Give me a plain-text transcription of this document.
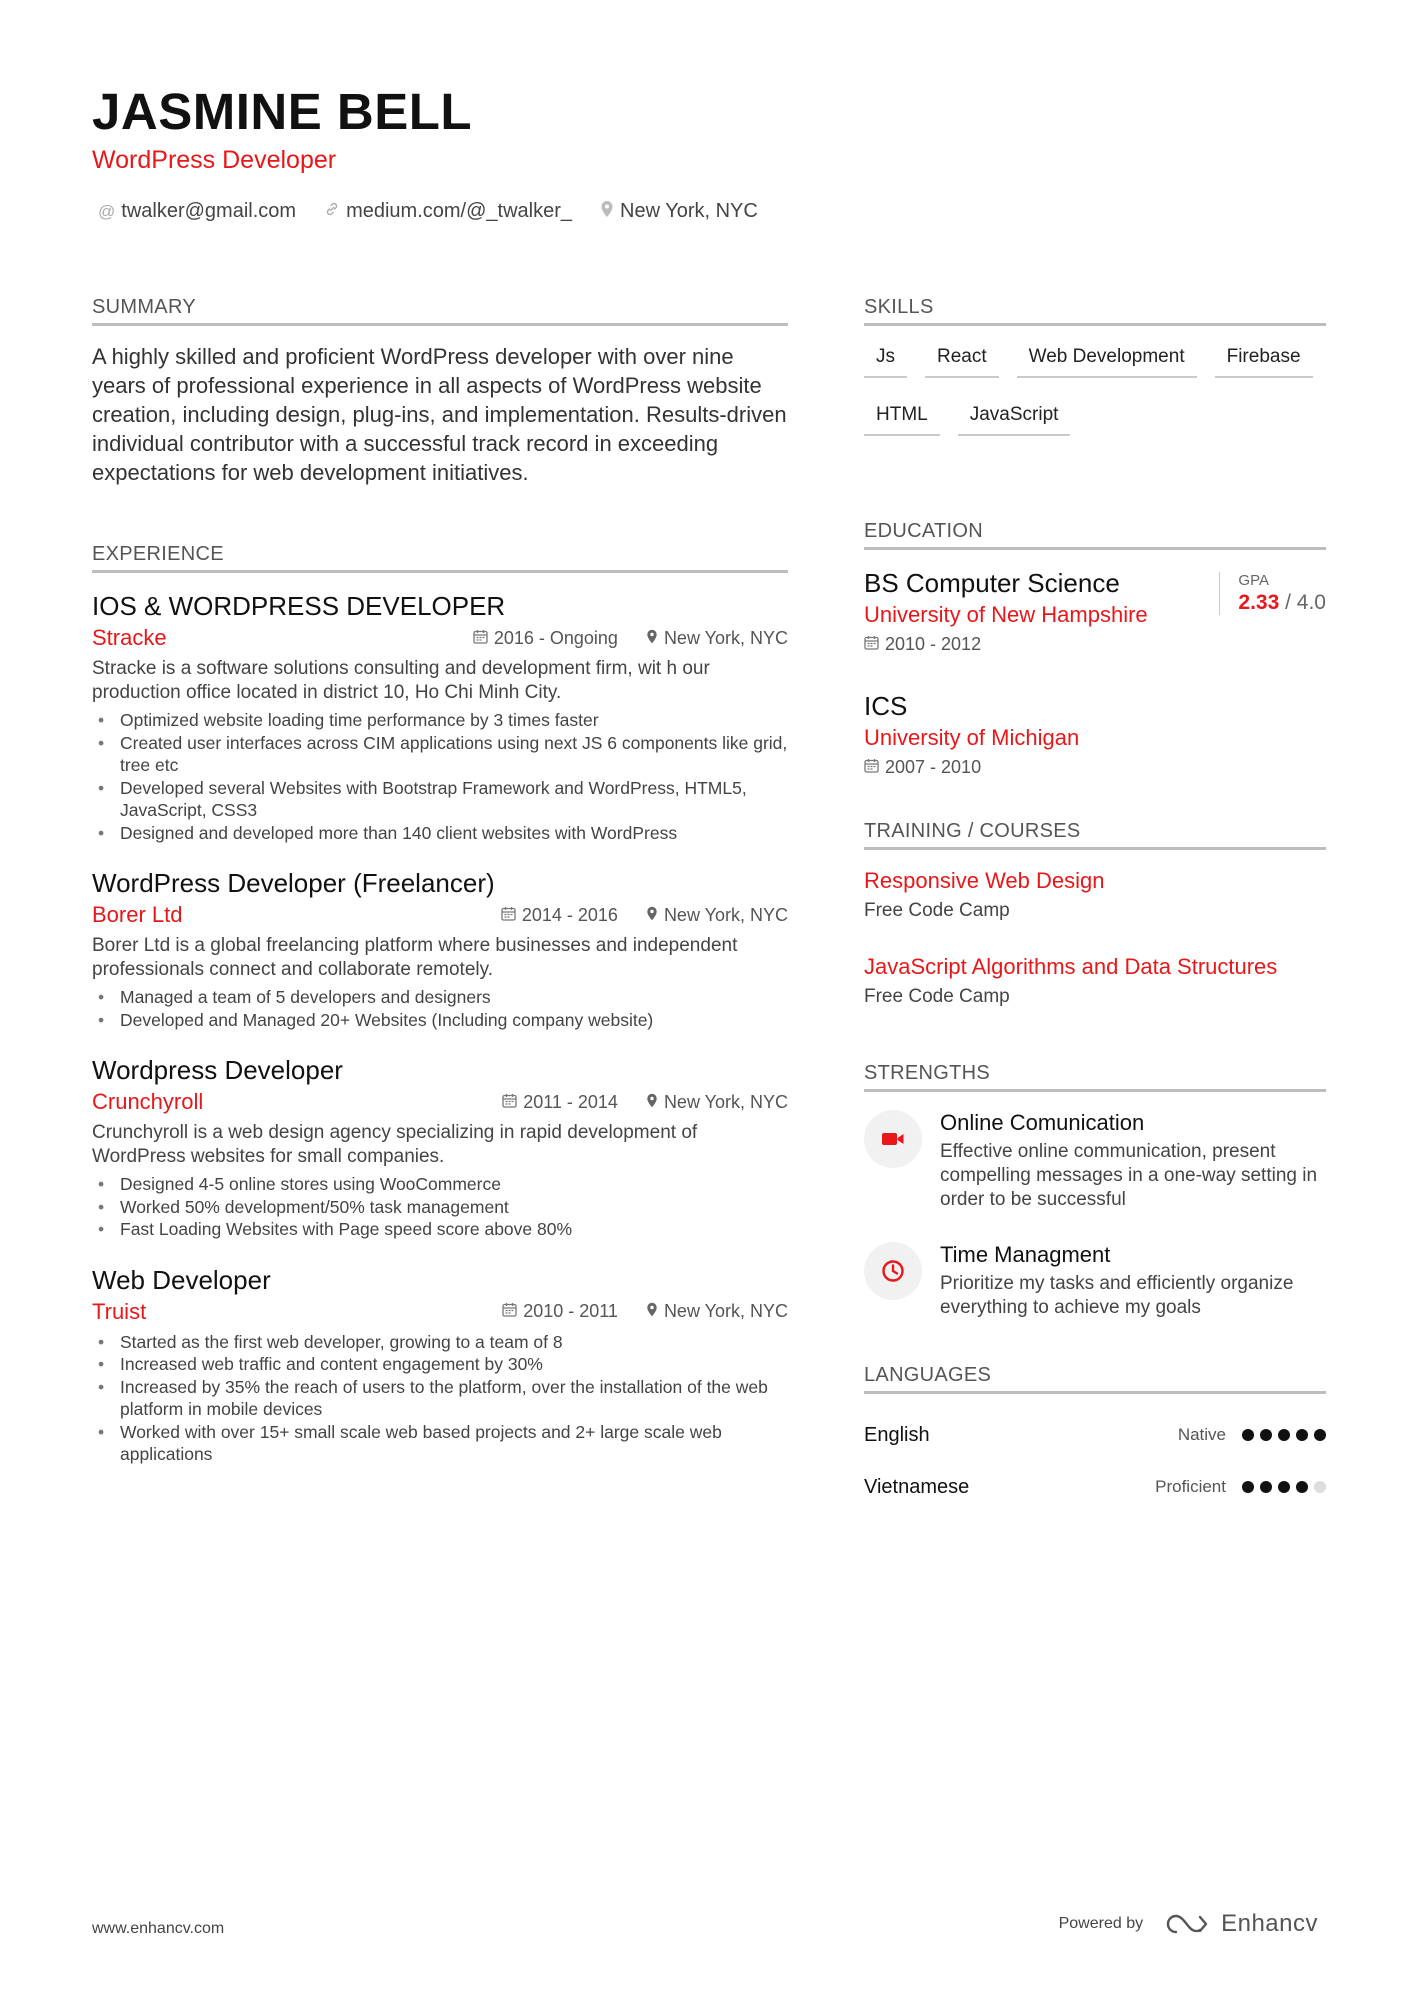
JASMINE BELL
WordPress Developer
@ twalker@gmail.com	medium.com/@_twalker_ New York, NYC
SUMMARY
A highly skilled and proficient WordPress developer with over nine years of professional experience in all aspects of WordPress website creation, including design, plug-ins, and implementation. Results-driven individual contributor with a successful track record in exceeding expectations for web development initiatives.
EXPERIENCE
IOS & WORDPRESS DEVELOPER
Stracke	2016 - Ongoing	New York, NYC
Stracke is a software solutions consulting and development firm, wit h our production office located in district 10, Ho Chi Minh City.
• Optimized website loading time performance by 3 times faster
• Created user interfaces across CIM applications using next JS 6 components like grid, tree etc
• Developed several Websites with Bootstrap Framework and WordPress, HTML5, JavaScript, CSS3
• Designed and developed more than 140 client websites with WordPress
WordPress Developer (Freelancer)
Borer Ltd	2014 - 2016	New York, NYC
Borer Ltd is a global freelancing platform where businesses and independent professionals connect and collaborate remotely.
• Managed a team of 5 developers and designers
• Developed and Managed 20+ Websites (Including company website)
Wordpress Developer
Crunchyroll	2011 - 2014	New York, NYC
Crunchyroll is a web design agency specializing in rapid development of WordPress websites for small companies.
• Designed 4-5 online stores using WooCommerce
• Worked 50% development/50% task management
• Fast Loading Websites with Page speed score above 80%
Web Developer
Truist	2010 - 2011	New York, NYC
• Started as the first web developer, growing to a team of 8
• Increased web traffic and content engagement by 30%
• Increased by 35% the reach of users to the platform, over the installation of the web platform in mobile devices
• Worked with over 15+ small scale web based projects and 2+ large scale web applications
SKILLS
Js	React	Web Development	Firebase
HTML	JavaScript
EDUCATION
BS Computer Science
University of New Hampshire
2010 - 2012
GPA
2.33 / 4.0
ICS
University of Michigan
2007 - 2010
TRAINING / COURSES
Responsive Web Design
Free Code Camp
JavaScript Algorithms and Data Structures
Free Code Camp
STRENGTHS
Online Comunication
Effective online communication, present compelling messages in a one-way setting in order to be successful
Time Managment
Prioritize my tasks and efficiently organize everything to achieve my goals
LANGUAGES
English	Native
Vietnamese	Proficient
www.enhancv.com	Powered by	Enhancv
